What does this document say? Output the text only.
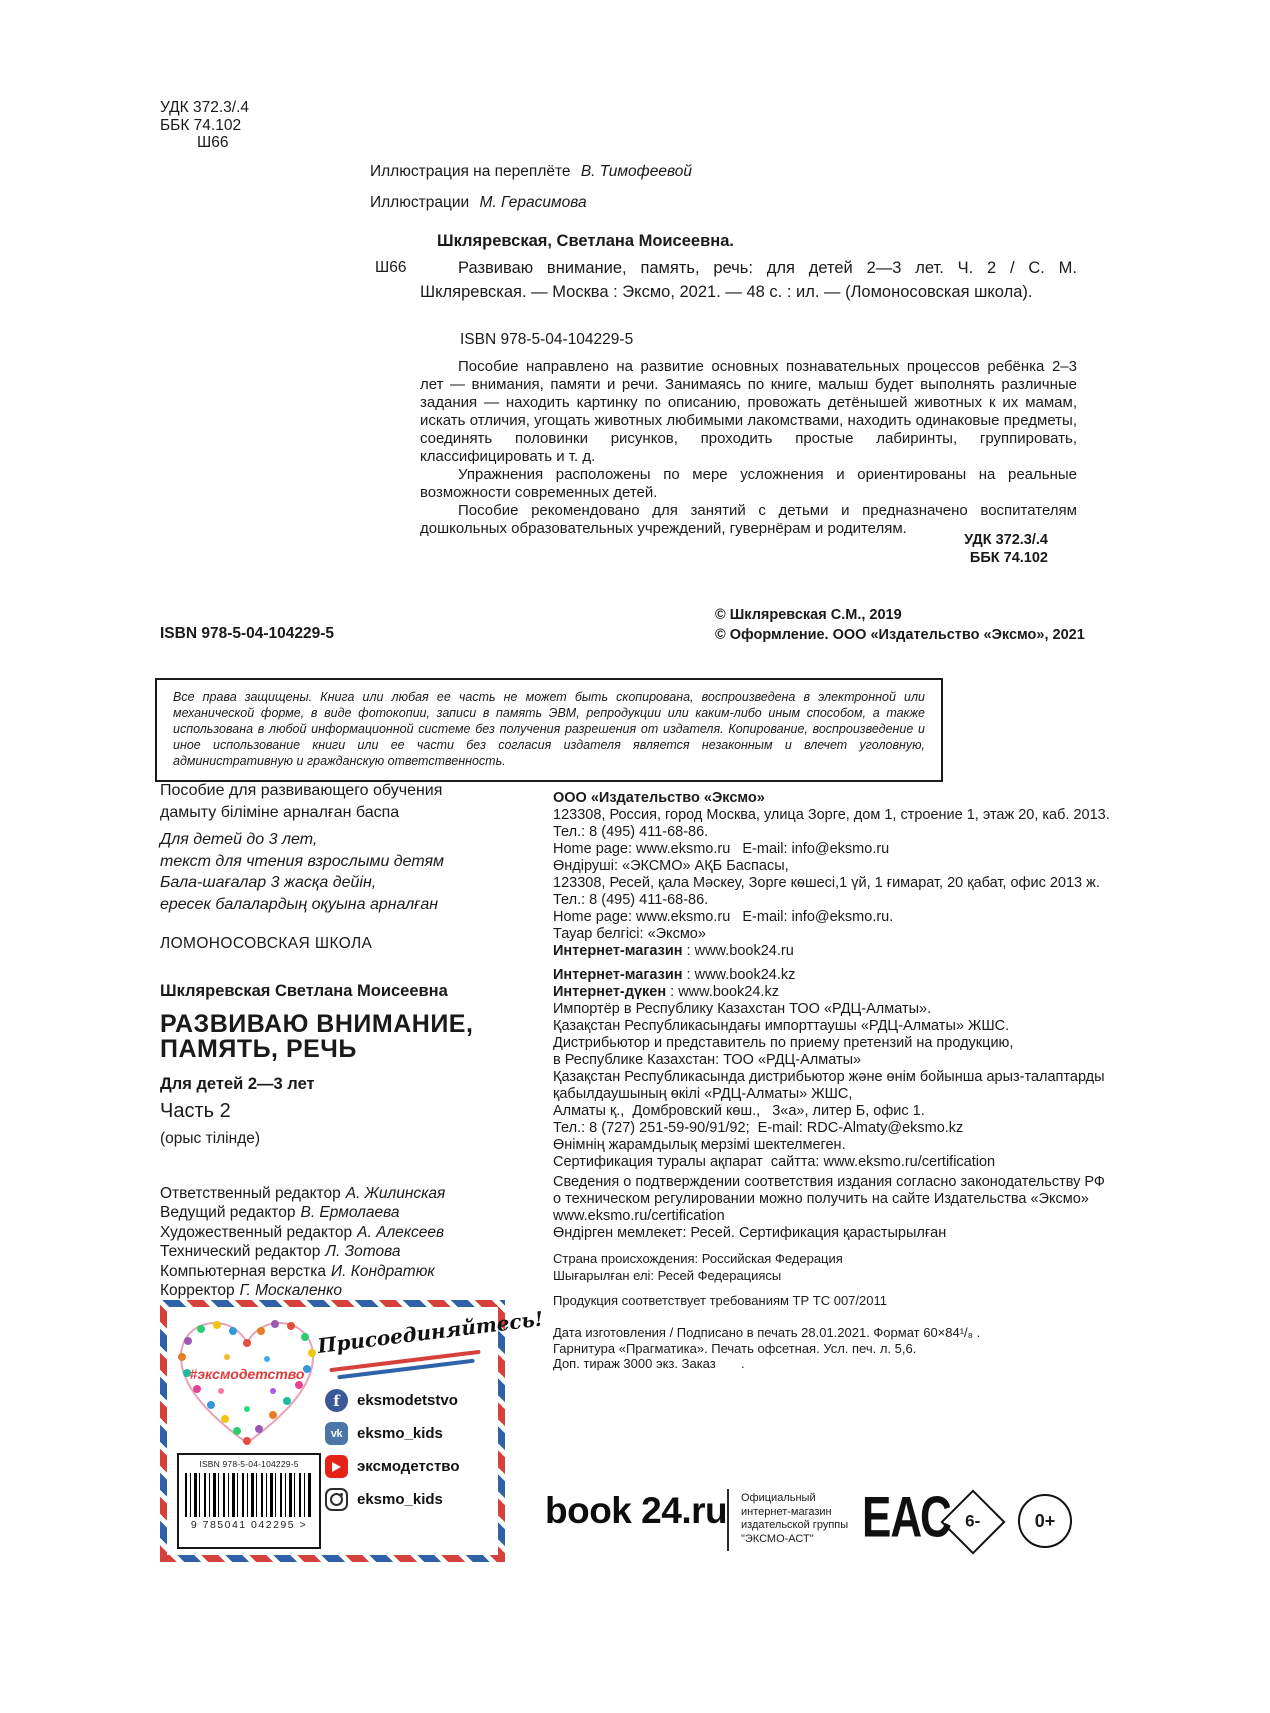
УДК 372.3/.4
ББК 74.102
Ш66
Иллюстрация на переплёте В. Тимофеевой
Иллюстрации М. Герасимова
Шкляревская, Светлана Моисеевна.
Ш66	Развиваю внимание, память, речь: для детей 2—3 лет. Ч. 2 / С. М. Шкляревская. — Москва : Эксмо, 2021. — 48 с. : ил. — (Ломоносовская школа).
ISBN 978-5-04-104229-5

Пособие направлено на развитие основных познавательных процессов ребёнка 2–3 лет — внимания, памяти и речи. Занимаясь по книге, малыш будет выполнять различные задания — находить картинку по описанию, провожать детёнышей животных к их мамам, искать отличия, угощать животных любимыми лакомствами, находить одинаковые предметы, соединять половинки рисунков, проходить простые лабиринты, группировать, классифицировать и т. д.

Упражнения расположены по мере усложнения и ориентированы на реальные возможности современных детей.

Пособие рекомендовано для занятий с детьми и предназначено воспитателям дошкольных образовательных учреждений, гувернёрам и родителям.

УДК 372.3/.4
ББК 74.102
© Шкляревская С.М., 2019
© Оформление. ООО «Издательство «Эксмо», 2021
ISBN 978-5-04-104229-5
Все права защищены. Книга или любая ее часть не может быть скопирована, воспроизведена в электронной или механической форме, в виде фотокопии, записи в память ЭВМ, репродукции или каким-либо иным способом, а также использована в любой информационной системе без получения разрешения от издателя. Копирование, воспроизведение и иное использование книги или ее части без согласия издателя является незаконным и влечет уголовную, административную и гражданскую ответственность.
Пособие для развивающего обучения
дамыту біліміне арналған баспа
Для детей до 3 лет,
текст для чтения взрослыми детям
Бала-шағалар 3 жасқа дейін,
ересек балалардың оқуына арналған
ЛОМОНОСОВСКАЯ ШКОЛА
Шкляревская Светлана Моисеевна
РАЗВИВАЮ ВНИМАНИЕ,
ПАМЯТЬ, РЕЧЬ
Для детей 2—3 лет
Часть 2
(орыс тілінде)
Ответственный редактор А. Жилинская
Ведущий редактор В. Ермолаева
Художественный редактор А. Алексеев
Технический редактор Л. Зотова
Компьютерная верстка И. Кондратюк
Корректор Г. Москаленко
ООО «Издательство «Эксмо»
123308, Россия, город Москва, улица Зорге, дом 1, строение 1, этаж 20, каб. 2013.
Тел.: 8 (495) 411-68-86.
Home page: www.eksmo.ru   E-mail: info@eksmo.ru
Өндіруші: «ЭКСМО» АҚБ Баспасы,
123308, Ресей, қала Мәскеу, Зорге көшесі,1 үй, 1 ғимарат, 20 қабат, офис 2013 ж.
Тел.: 8 (495) 411-68-86.
Home page: www.eksmo.ru   E-mail: info@eksmo.ru.
Тауар белгісі: «Эксмо»
Интернет-магазин : www.book24.ru
Интернет-магазин : www.book24.kz
Интернет-дүкен : www.book24.kz
Импортёр в Республику Казахстан ТОО «РДЦ-Алматы».
Қазақстан Республикасындағы импорттаушы «РДЦ-Алматы» ЖШС.
Дистрибьютор и представитель по приему претензий на продукцию,
в Республике Казахстан: ТОО «РДЦ-Алматы»
Қазақстан Республикасында дистрибьютор және өнім бойынша арыз-талаптарды
қабылдаушының өкілі «РДЦ-Алматы» ЖШС,
Алматы қ.,  Домбровский көш.,   3«а», литер Б, офис 1.
Тел.: 8 (727) 251-59-90/91/92;  E-mail: RDC-Almaty@eksmo.kz
Өнімнің жарамдылық мерзімі шектелмеген.
Сертификация туралы ақпарат  сайтта: www.eksmo.ru/certification
Сведения о подтверждении соответствия издания согласно законодательству РФ
о техническом регулировании можно получить на сайте Издательства «Эксмо»
www.eksmo.ru/certification
Өндірген мемлекет: Ресей. Сертификация қарастырылған
Страна происхождения: Российская Федерация
Шығарылған елі: Ресей Федерациясы
Продукция соответствует требованиям ТР ТС 007/2011
Дата изготовления / Подписано в печать 28.01.2021. Формат 60×84¹/₈ .
Гарнитура «Прагматика». Печать офсетная. Усл. печ. л. 5,6.
Доп. тираж 3000 экз. Заказ       .
#эксмодетство
Присоединяйтесь!
f	eksmodetstvo
vk eksmo_kids
эксмодетство
eksmo_kids
ISBN 978-5-04-104229-5
9 785041 042295 >	book 24.ru Официальный интернет-магазин издательской группы "ЭКСМО-АСТ"	ЕАС 6-	0+
